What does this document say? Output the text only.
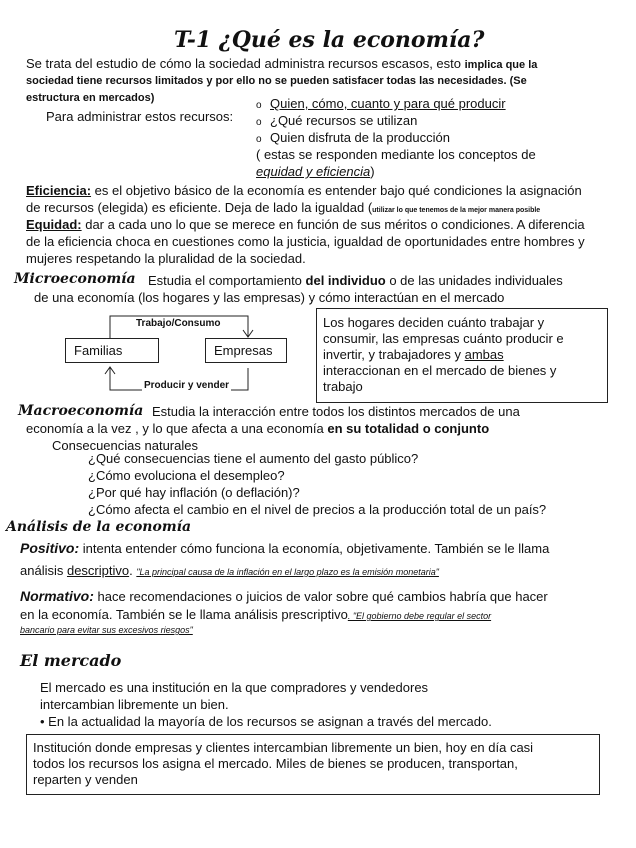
T-1 ¿Qué es la economía?
Se trata del estudio de cómo la sociedad administra recursos escasos, esto implica que la
sociedad tiene recursos limitados y por ello no se pueden satisfacer todas las necesidades. (Se
estructura en mercados)
Para administrar estos recursos:
o Quien, cómo, cuanto y para qué producir
o ¿Qué recursos se utilizan
o Quien disfruta de la producción
( estas se responden mediante los conceptos de
equidad y eficiencia)
Eficiencia: es el objetivo básico de la economía es entender bajo qué condiciones la asignación
de recursos (elegida) es eficiente. Deja de lado la igualdad (utilizar lo que tenemos de la mejor manera posible
Equidad: dar a cada uno lo que se merece en función de sus méritos o condiciones. A diferencia
de la eficiencia choca en cuestiones como la justicia, igualdad de oportunidades entre hombres y
mujeres respetando la pluralidad de la sociedad.
Microeconomía Estudia el comportamiento del individuo o de las unidades individuales
de una economía (los hogares y las empresas) y cómo interactúan en el mercado
Trabajo/Consumo
Familias	Empresas
Producir y vender
Los hogares deciden cuánto trabajar y
consumir, las empresas cuánto producir e
invertir, y trabajadores y ambas
interaccionan en el mercado de bienes y
trabajo
Macroeconomía Estudia la interacción entre todos los distintos mercados de una
economía a la vez , y lo que afecta a una economía en su totalidad o conjunto
Consecuencias naturales
¿Qué consecuencias tiene el aumento del gasto público?
¿Cómo evoluciona el desempleo?
¿Por qué hay inflación (o deflación)?
¿Cómo afecta el cambio en el nivel de precios a la producción total de un país?
Análisis de la economía
Positivo: intenta entender cómo funciona la economía, objetivamente. También se le llama
análisis descriptivo. "La principal causa de la inflación en el largo plazo es la emisión monetaria"
Normativo: hace recomendaciones o juicios de valor sobre qué cambios habría que hacer
en la economía. También se le llama análisis prescriptivo. "El gobierno debe regular el sector
bancario para evitar sus excesivos riesgos"
El mercado
El mercado es una institución en la que compradores y vendedores
intercambian libremente un bien.
• En la actualidad la mayoría de los recursos se asignan a través del mercado.
Institución donde empresas y clientes intercambian libremente un bien, hoy en día casi
todos los recursos los asigna el mercado. Miles de bienes se producen, transportan,
reparten y venden
